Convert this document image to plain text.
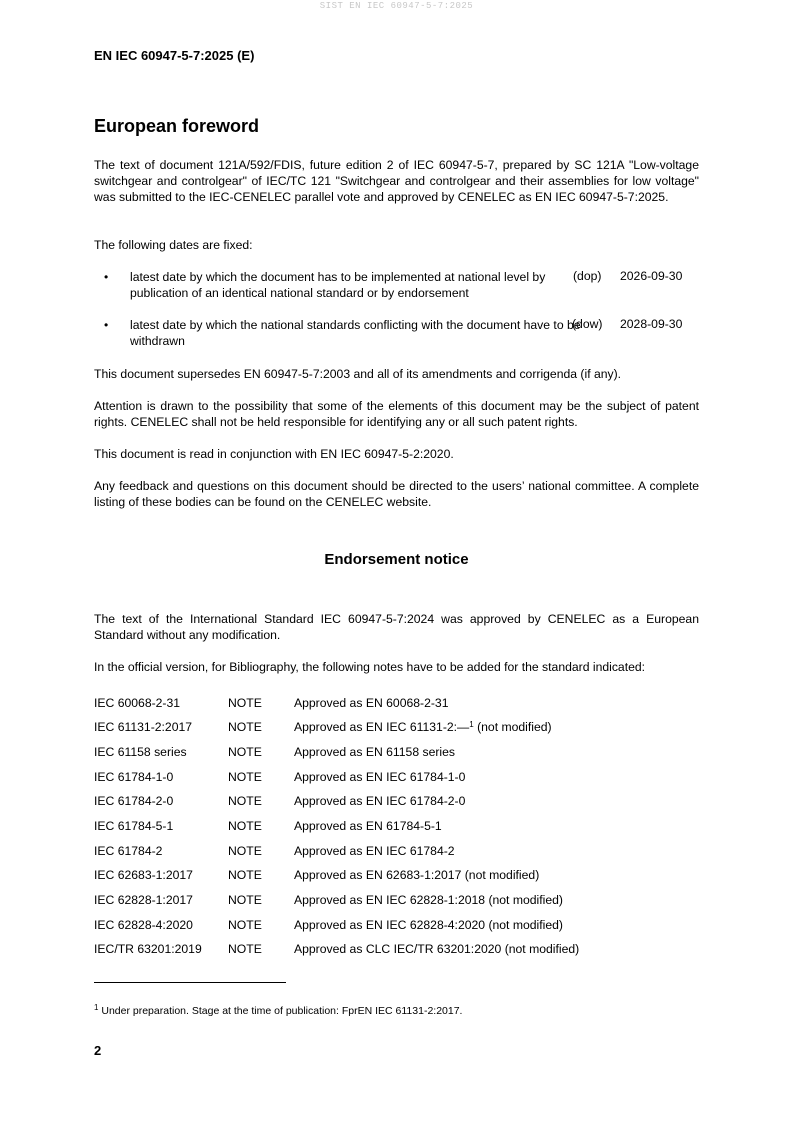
SIST EN IEC 60947-5-7:2025
EN IEC 60947-5-7:2025 (E)
European foreword
The text of document 121A/592/FDIS, future edition 2 of IEC 60947-5-7, prepared by SC 121A "Low-voltage switchgear and controlgear" of IEC/TC 121 "Switchgear and controlgear and their assemblies for low voltage" was submitted to the IEC-CENELEC parallel vote and approved by CENELEC as EN IEC 60947-5-7:2025.
The following dates are fixed:
• latest date by which the document has to be implemented at national level by publication of an identical national standard or by endorsement
(dop) 2026-09-30
• latest date by which the national standards conflicting with the document have to be withdrawn
(dow) 2028-09-30
This document supersedes EN 60947-5-7:2003 and all of its amendments and corrigenda (if any).
Attention is drawn to the possibility that some of the elements of this document may be the subject of patent rights. CENELEC shall not be held responsible for identifying any or all such patent rights.
This document is read in conjunction with EN IEC 60947-5-2:2020.
Any feedback and questions on this document should be directed to the users’ national committee. A complete listing of these bodies can be found on the CENELEC website.
Endorsement notice
The text of the International Standard IEC 60947-5-7:2024 was approved by CENELEC as a European Standard without any modification.
In the official version, for Bibliography, the following notes have to be added for the standard indicated:
IEC 60068-2-31	NOTE	Approved as EN 60068-2-31
IEC 61131-2:2017	NOTE	Approved as EN IEC 61131-2:—$^1$ (not modified)
IEC 61158 series	NOTE	Approved as EN 61158 series
IEC 61784-1-0	NOTE	Approved as EN IEC 61784-1-0
IEC 61784-2-0	NOTE	Approved as EN IEC 61784-2-0
IEC 61784-5-1	NOTE	Approved as EN 61784-5-1
IEC 61784-2	NOTE	Approved as EN IEC 61784-2
IEC 62683-1:2017	NOTE	Approved as EN 62683-1:2017 (not modified)
IEC 62828-1:2017	NOTE	Approved as EN IEC 62828-1:2018 (not modified)
IEC 62828-4:2020	NOTE	Approved as EN IEC 62828-4:2020 (not modified)
IEC/TR 63201:2019 NOTE	Approved as CLC IEC/TR 63201:2020 (not modified)
$^1$ Under preparation. Stage at the time of publication: FprEN IEC 61131-2:2017.
2
